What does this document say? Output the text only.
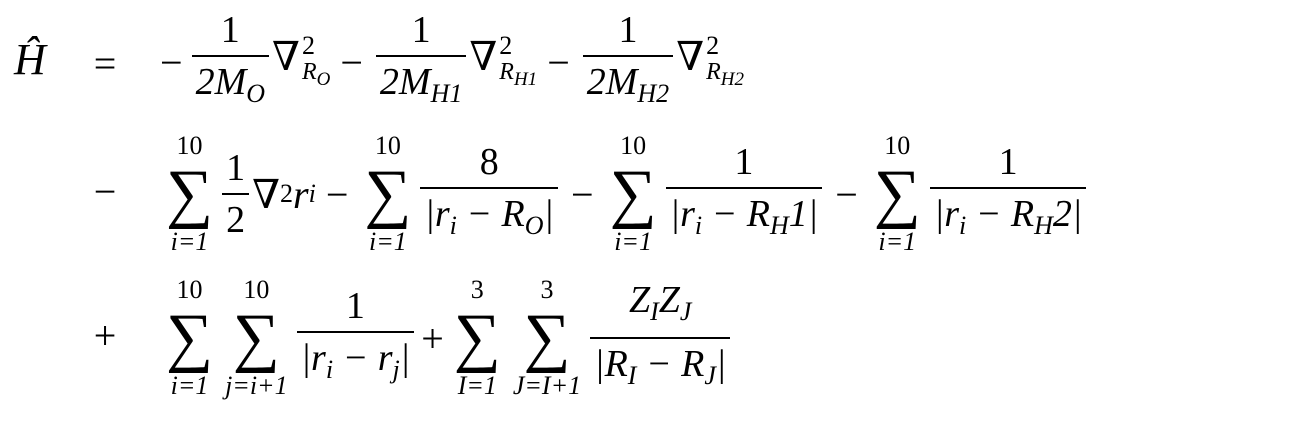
Ĥ = − $\frac{1}{2M_O}$ ∇ 2
$R_O - \frac{1}{2M_{H1}}$ ∇ 2
$R_{H1} - \frac{1}{2M_{H2}}$ ∇ 2
$R_{H2}$
−
10
∑
$i=1 \frac{1}{2}$ ∇ 2 r i −
10
∑
$i=1 \frac{8}{|r_i - R_O|}$ −
10
∑
$i=1 \frac{1}{|r_i - R_H1|}$ −
10
∑
$i=1 \frac{1}{|r_i - R_H2|}$
+
10
∑
i=1
10
∑
$j=i+1 \frac{1}{|r_i - r_j|}$ +
3
∑
I=1
3
∑
$J=I+1 \frac{Z_IZ_J}{|R_I - R_J|}$
